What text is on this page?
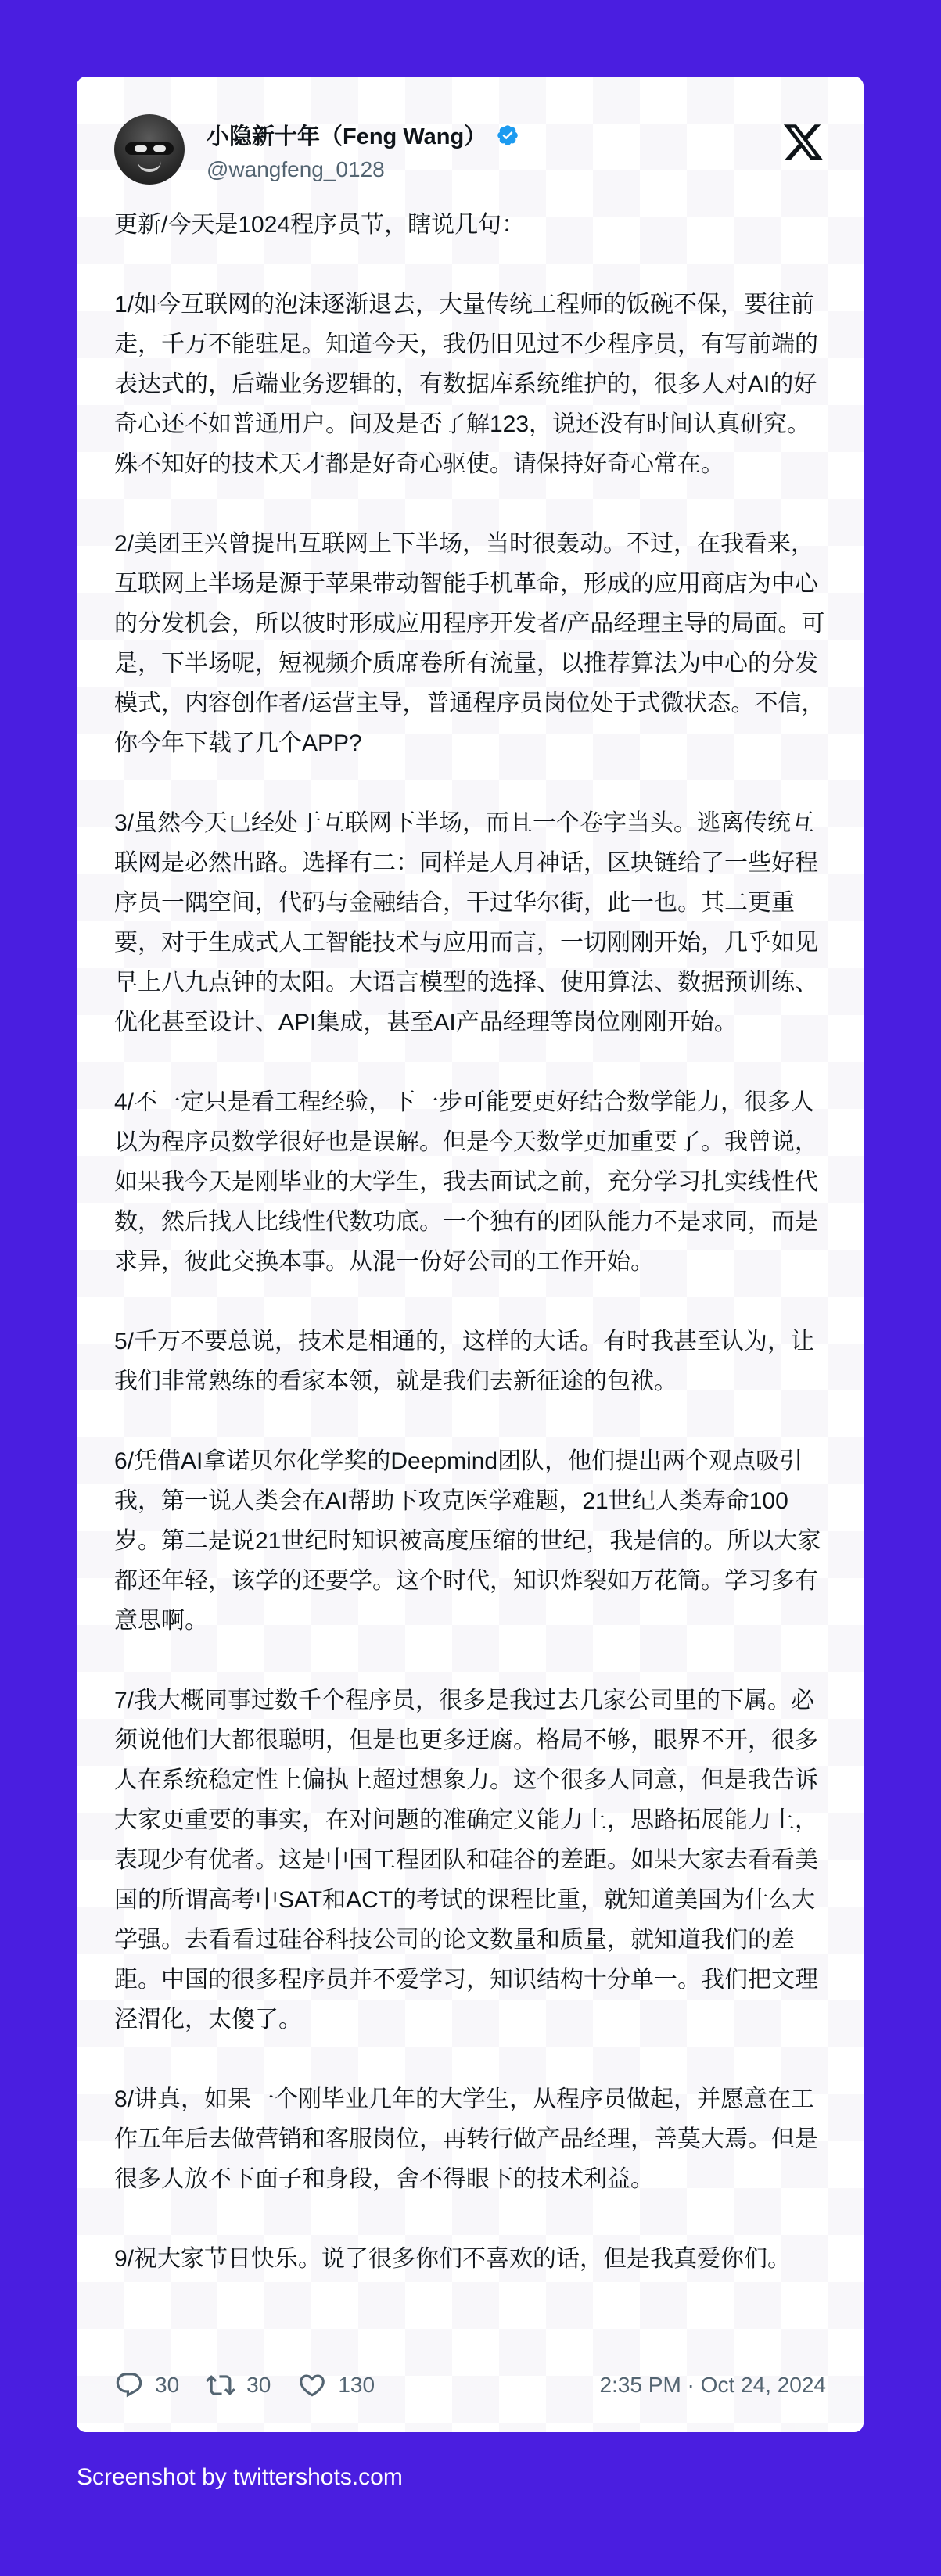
小隐新十年（Feng Wang）
@wangfeng_0128

更新/今天是1024程序员节，瞎说几句：

1/如今互联网的泡沫逐渐退去，大量传统工程师的饭碗不保，要往前走，千万不能驻足。知道今天，我仍旧见过不少程序员，有写前端的表达式的，后端业务逻辑的，有数据库系统维护的，很多人对AI的好奇心还不如普通用户。问及是否了解123，说还没有时间认真研究。殊不知好的技术天才都是好奇心驱使。请保持好奇心常在。

2/美团王兴曾提出互联网上下半场，当时很轰动。不过，在我看来，互联网上半场是源于苹果带动智能手机革命，形成的应用商店为中心的分发机会，所以彼时形成应用程序开发者/产品经理主导的局面。可是，下半场呢，短视频介质席卷所有流量，以推荐算法为中心的分发模式，内容创作者/运营主导，普通程序员岗位处于式微状态。不信，你今年下载了几个APP?

3/虽然今天已经处于互联网下半场，而且一个卷字当头。逃离传统互联网是必然出路。选择有二：同样是人月神话，区块链给了一些好程序员一隅空间，代码与金融结合，干过华尔街，此一也。其二更重要，对于生成式人工智能技术与应用而言，一切刚刚开始，几乎如见早上八九点钟的太阳。大语言模型的选择、使用算法、数据预训练、优化甚至设计、API集成，甚至AI产品经理等岗位刚刚开始。

4/不一定只是看工程经验，下一步可能要更好结合数学能力，很多人以为程序员数学很好也是误解。但是今天数学更加重要了。我曾说，如果我今天是刚毕业的大学生，我去面试之前，充分学习扎实线性代数，然后找人比线性代数功底。一个独有的团队能力不是求同，而是求异，彼此交换本事。从混一份好公司的工作开始。

5/千万不要总说，技术是相通的，这样的大话。有时我甚至认为，让我们非常熟练的看家本领，就是我们去新征途的包袱。

6/凭借AI拿诺贝尔化学奖的Deepmind团队，他们提出两个观点吸引我，第一说人类会在AI帮助下攻克医学难题，21世纪人类寿命100岁。第二是说21世纪时知识被高度压缩的世纪，我是信的。所以大家都还年轻，该学的还要学。这个时代，知识炸裂如万花筒。学习多有意思啊。

7/我大概同事过数千个程序员，很多是我过去几家公司里的下属。必须说他们大都很聪明，但是也更多迂腐。格局不够，眼界不开，很多人在系统稳定性上偏执上超过想象力。这个很多人同意，但是我告诉大家更重要的事实，在对问题的准确定义能力上，思路拓展能力上，表现少有优者。这是中国工程团队和硅谷的差距。如果大家去看看美国的所谓高考中SAT和ACT的考试的课程比重，就知道美国为什么大学强。去看看过硅谷科技公司的论文数量和质量，就知道我们的差距。中国的很多程序员并不爱学习，知识结构十分单一。我们把文理泾渭化，太傻了。

8/讲真，如果一个刚毕业几年的大学生，从程序员做起，并愿意在工作五年后去做营销和客服岗位，再转行做产品经理，善莫大焉。但是很多人放不下面子和身段，舍不得眼下的技术利益。

9/祝大家节日快乐。说了很多你们不喜欢的话，但是我真爱你们。

30	30	130	2:35 PM · Oct 24, 2024
Screenshot by twittershots.com
